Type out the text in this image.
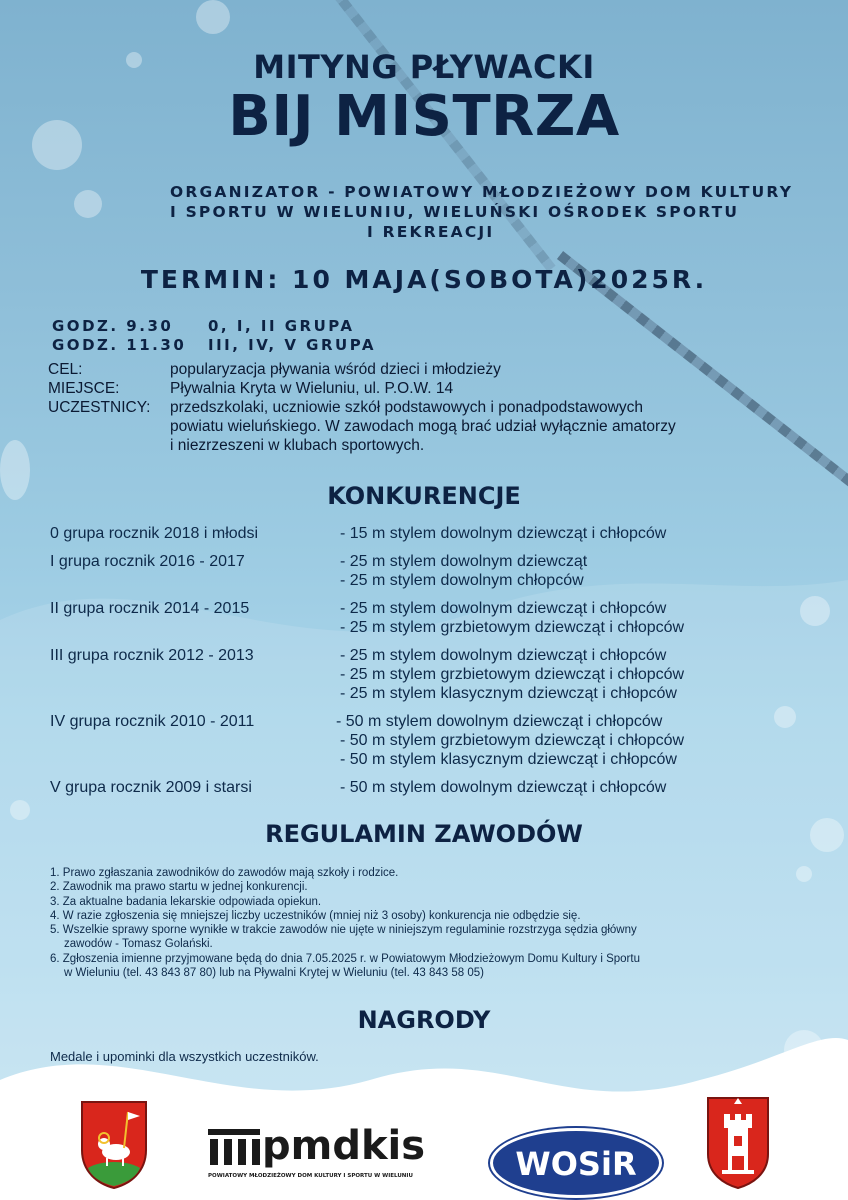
MITYNG PŁYWACKI
BIJ MISTRZA
ORGANIZATOR - POWIATOWY MŁODZIEŻOWY DOM KULTURY
I SPORTU W WIELUNIU, WIELUŃSKI OŚRODEK SPORTU
I REKREACJI
TERMIN: 10 MAJA(SOBOTA)2025R.
GODZ. 9.30 0, I, II GRUPA
GODZ. 11.30 III, IV, V GRUPA
CEL:	popularyzacja pływania wśród dzieci i młodzieży
MIEJSCE:	Pływalnia Kryta w Wieluniu, ul. P.O.W. 14
UCZESTNICY: przedszkolaki, uczniowie szkół podstawowych i ponadpodstawowych
powiatu wieluńskiego. W zawodach mogą brać udział wyłącznie amatorzy
i niezrzeszeni w klubach sportowych.
KONKURENCJE
0 grupa rocznik 2018 i młodsi	- 15 m stylem dowolnym dziewcząt i chłopców
I grupa rocznik 2016 - 2017	- 25 m stylem dowolnym dziewcząt
- 25 m stylem dowolnym chłopców
II grupa rocznik 2014 - 2015	- 25 m stylem dowolnym dziewcząt i chłopców
- 25 m stylem grzbietowym dziewcząt i chłopców
III grupa rocznik 2012 - 2013	- 25 m stylem dowolnym dziewcząt i chłopców
- 25 m stylem grzbietowym dziewcząt i chłopców
- 25 m stylem klasycznym dziewcząt i chłopców
IV grupa rocznik 2010 - 2011	- 50 m stylem dowolnym dziewcząt i chłopców
- 50 m stylem grzbietowym dziewcząt i chłopców
- 50 m stylem klasycznym dziewcząt i chłopców
V grupa rocznik 2009 i starsi	- 50 m stylem dowolnym dziewcząt i chłopców
REGULAMIN ZAWODÓW
1. Prawo zgłaszania zawodników do zawodów mają szkoły i rodzice.
2. Zawodnik ma prawo startu w jednej konkurencji.
3. Za aktualne badania lekarskie odpowiada opiekun.
4. W razie zgłoszenia się mniejszej liczby uczestników (mniej niż 3 osoby) konkurencja nie odbędzie się.
5. Wszelkie sprawy sporne wynikłe w trakcie zawodów nie ujęte w niniejszym regulaminie rozstrzyga sędzia główny
zawodów - Tomasz Golański.
6. Zgłoszenia imienne przyjmowane będą do dnia 7.05.2025 r. w Powiatowym Młodzieżowym Domu Kultury i Sportu
w Wieluniu (tel. 43 843 87 80) lub na Pływalni Krytej w Wieluniu (tel. 43 843 58 05)
NAGRODY
Medale i upominki dla wszystkich uczestników.
pmdkis
POWIATOWY MŁODZIEŻOWY DOM KULTURY I SPORTU W WIELUNIU	WOSiR
